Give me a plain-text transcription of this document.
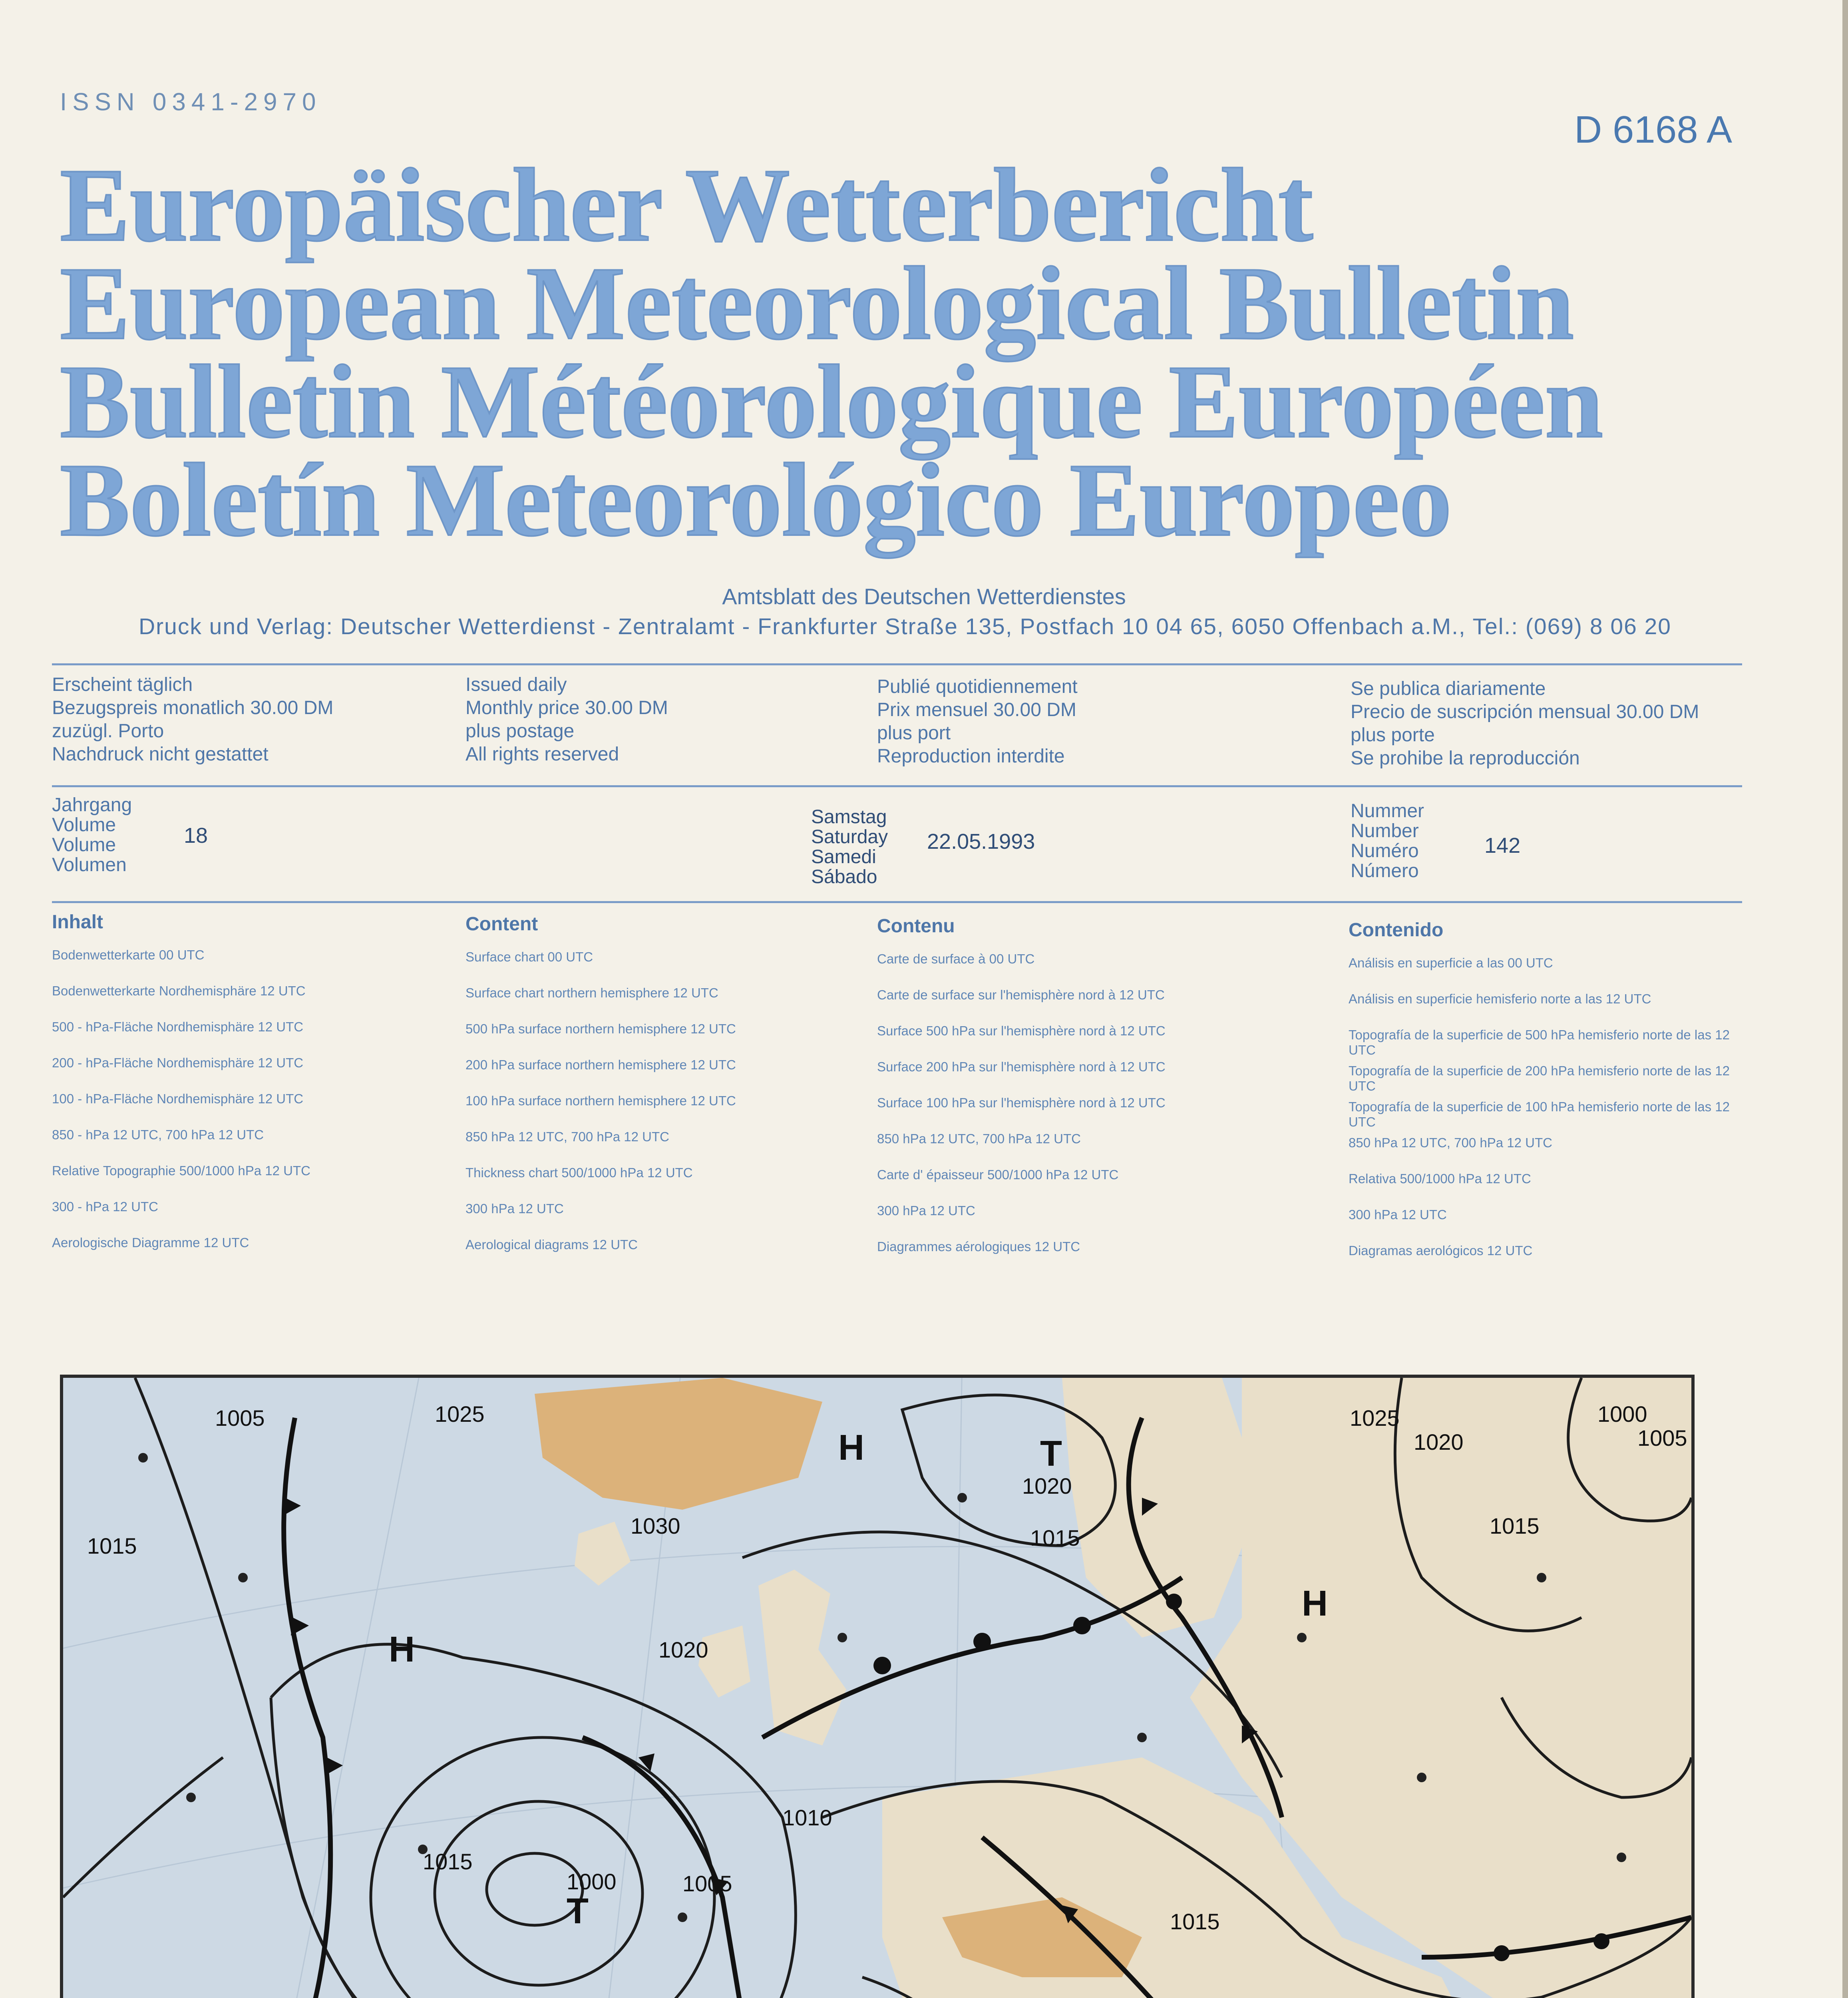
ISSN 0341-2970
D 6168 A
Europäischer Wetterbericht
European Meteorological Bulletin
Bulletin Météorologique Européen
Boletín Meteorológico Europeo
Amtsblatt des Deutschen Wetterdienstes
Druck und Verlag: Deutscher Wetterdienst - Zentralamt - Frankfurter Straße 135, Postfach 10 04 65, 6050 Offenbach a.M., Tel.: (069) 8 06 20
Erscheint täglich
Bezugspreis monatlich 30.00 DM
zuzügl. Porto
Nachdruck nicht gestattet
Issued daily
Monthly price 30.00 DM
plus postage
All rights reserved
Publié quotidiennement
Prix mensuel 30.00 DM
plus port
Reproduction interdite
Se publica diariamente
Precio de suscripción mensual 30.00 DM
plus porte
Se prohibe la reproducción
Jahrgang
Volume
Volume
Volumen
18
Samstag
Saturday
Samedi
Sábado
22.05.1993
Nummer
Number
Numéro
Número
142
Inhalt
Bodenwetterkarte 00 UTC
Bodenwetterkarte Nordhemisphäre 12 UTC
500 - hPa-Fläche Nordhemisphäre 12 UTC
200 - hPa-Fläche Nordhemisphäre 12 UTC
100 - hPa-Fläche Nordhemisphäre 12 UTC
850 - hPa 12 UTC, 700 hPa 12 UTC
Relative Topographie 500/1000 hPa 12 UTC
300 - hPa 12 UTC
Aerologische Diagramme 12 UTC
Content
Surface chart 00 UTC
Surface chart northern hemisphere 12 UTC
500 hPa surface northern hemisphere 12 UTC
200 hPa surface northern hemisphere 12 UTC
100 hPa surface northern hemisphere 12 UTC
850 hPa 12 UTC, 700 hPa 12 UTC
Thickness chart 500/1000 hPa 12 UTC
300 hPa 12 UTC
Aerological diagrams 12 UTC
Contenu
Carte de surface à 00 UTC
Carte de surface sur l'hemisphère nord à 12 UTC
Surface 500 hPa sur l'hemisphère nord à 12 UTC
Surface 200 hPa sur l'hemisphère nord à 12 UTC
Surface 100 hPa sur l'hemisphère nord à 12 UTC
850 hPa 12 UTC, 700 hPa 12 UTC
Carte d' épaisseur 500/1000 hPa 12 UTC
300 hPa 12 UTC
Diagrammes aérologiques 12 UTC
Contenido
Análisis en superficie a las 00 UTC
Análisis en superficie hemisferio norte a las 12 UTC
Topografía de la superficie de 500 hPa hemisferio norte de las 12 UTC
Topografía de la superficie de 200 hPa hemisferio norte de las 12 UTC
Topografía de la superficie de 100 hPa hemisferio norte de las 12 UTC
850 hPa 12 UTC, 700 hPa 12 UTC
Relativa 500/1000 hPa 12 UTC
300 hPa 12 UTC
Diagramas aerológicos 12 UTC
1005	1025
1030
1015
1020
1000	1005
1010
1015
1020
1015
1000
1005
1020
1025
1015
1015
T
T
H
H
H
